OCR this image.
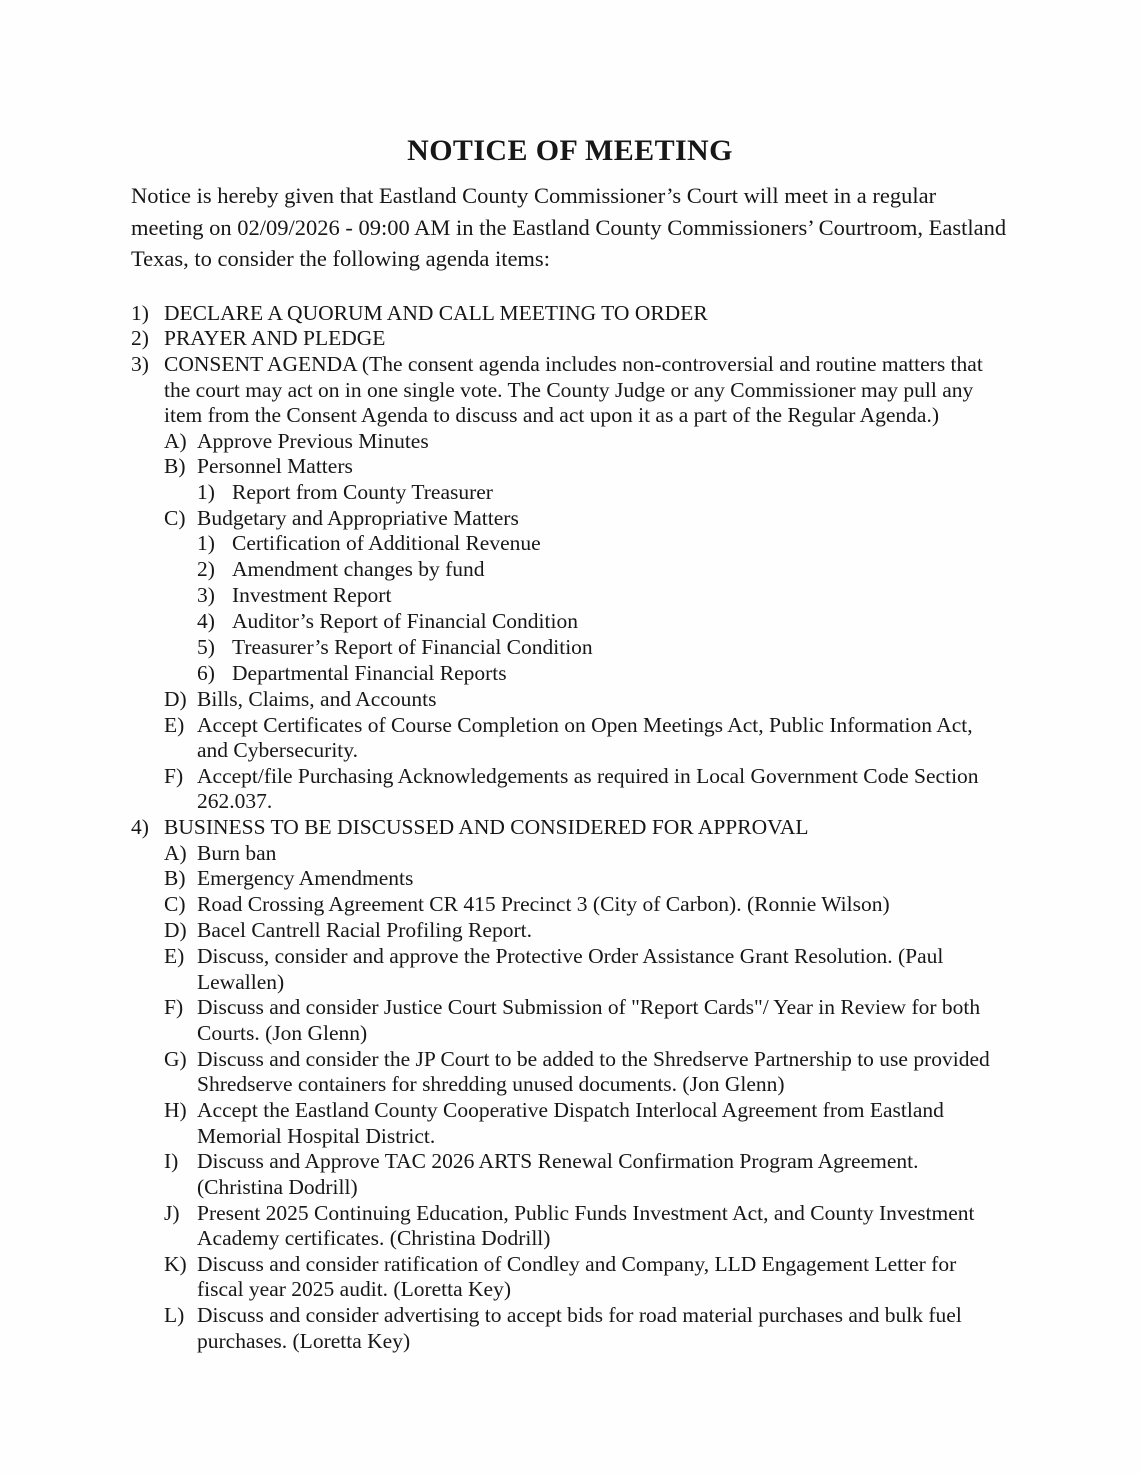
NOTICE OF MEETING

Notice is hereby given that Eastland County Commissioner’s Court will meet in a regular meeting on 02/09/2026 - 09:00 AM in the Eastland County Commissioners’ Courtroom, Eastland Texas, to consider the following agenda items:

1) DECLARE A QUORUM AND CALL MEETING TO ORDER
2) PRAYER AND PLEDGE
3) CONSENT AGENDA (The consent agenda includes non-controversial and routine matters that the court may act on in one single vote. The County Judge or any Commissioner may pull any item from the Consent Agenda to discuss and act upon it as a part of the Regular Agenda.)
A) Approve Previous Minutes
B) Personnel Matters
1) Report from County Treasurer
C) Budgetary and Appropriative Matters
1) Certification of Additional Revenue
2) Amendment changes by fund
3) Investment Report
4) Auditor’s Report of Financial Condition
5) Treasurer’s Report of Financial Condition
6) Departmental Financial Reports
D) Bills, Claims, and Accounts
E) Accept Certificates of Course Completion on Open Meetings Act, Public Information Act, and Cybersecurity.
F) Accept/file Purchasing Acknowledgements as required in Local Government Code Section 262.037.
4) BUSINESS TO BE DISCUSSED AND CONSIDERED FOR APPROVAL
A) Burn ban
B) Emergency Amendments
C) Road Crossing Agreement CR 415 Precinct 3 (City of Carbon). (Ronnie Wilson)
D) Bacel Cantrell Racial Profiling Report.
E) Discuss, consider and approve the Protective Order Assistance Grant Resolution. (Paul Lewallen)
F) Discuss and consider Justice Court Submission of "Report Cards"/ Year in Review for both Courts. (Jon Glenn)
G) Discuss and consider the JP Court to be added to the Shredserve Partnership to use provided Shredserve containers for shredding unused documents. (Jon Glenn)
H) Accept the Eastland County Cooperative Dispatch Interlocal Agreement from Eastland Memorial Hospital District.
I) Discuss and Approve TAC 2026 ARTS Renewal Confirmation Program Agreement. (Christina Dodrill)
J) Present 2025 Continuing Education, Public Funds Investment Act, and County Investment Academy certificates. (Christina Dodrill)
K) Discuss and consider ratification of Condley and Company, LLD Engagement Letter for fiscal year 2025 audit. (Loretta Key)
L) Discuss and consider advertising to accept bids for road material purchases and bulk fuel purchases. (Loretta Key)
